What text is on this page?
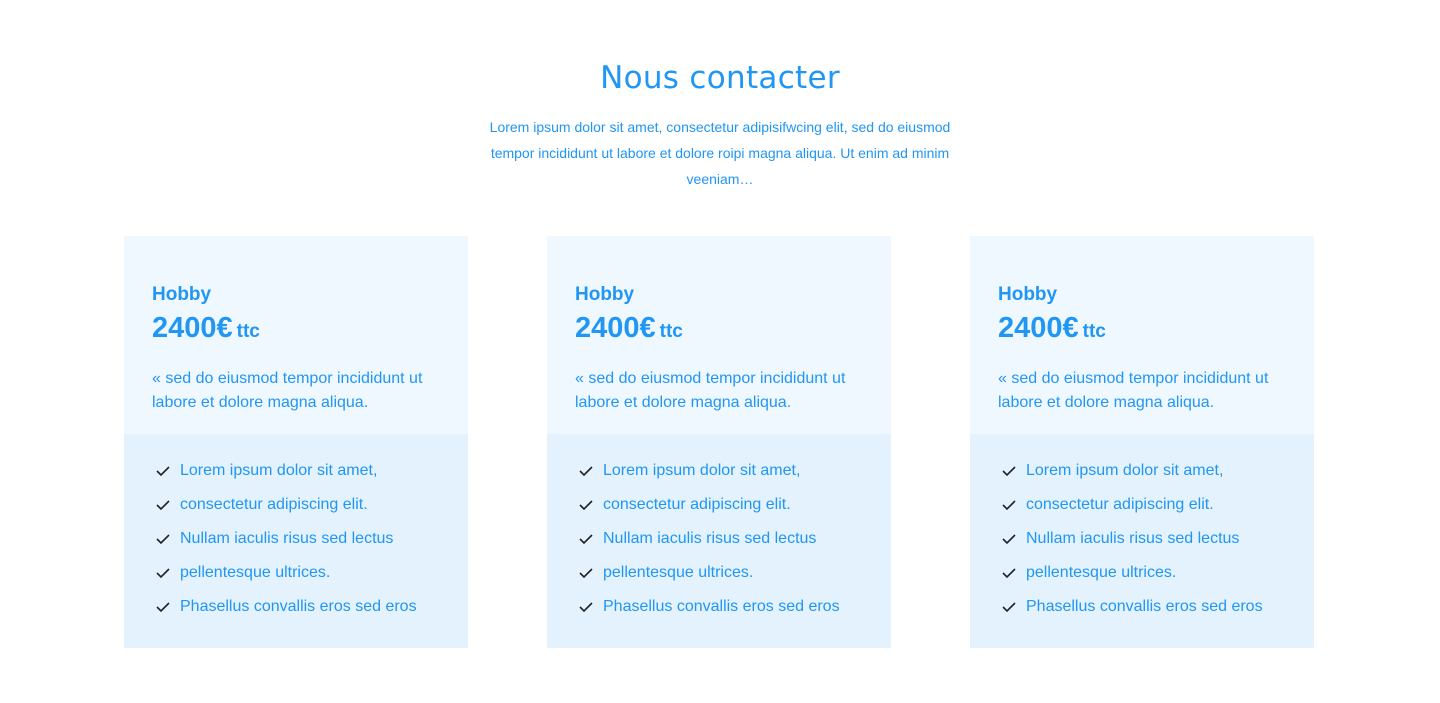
Nous contacter

Lorem ipsum dolor sit amet, consectetur adipisifwcing elit, sed do eiusmod tempor incididunt ut labore et dolore roipi magna aliqua. Ut enim ad minim veeniam…

Hobby
2400€ ttc

« sed do eiusmod tempor incididunt ut labore et dolore magna aliqua.

Lorem ipsum dolor sit amet,
consectetur adipiscing elit.
Nullam iaculis risus sed lectus
pellentesque ultrices.
Phasellus convallis eros sed eros
Hobby
2400€ ttc

« sed do eiusmod tempor incididunt ut labore et dolore magna aliqua.

Lorem ipsum dolor sit amet,
consectetur adipiscing elit.
Nullam iaculis risus sed lectus
pellentesque ultrices.
Phasellus convallis eros sed eros
Hobby
2400€ ttc

« sed do eiusmod tempor incididunt ut labore et dolore magna aliqua.

Lorem ipsum dolor sit amet,
consectetur adipiscing elit.
Nullam iaculis risus sed lectus
pellentesque ultrices.
Phasellus convallis eros sed eros
